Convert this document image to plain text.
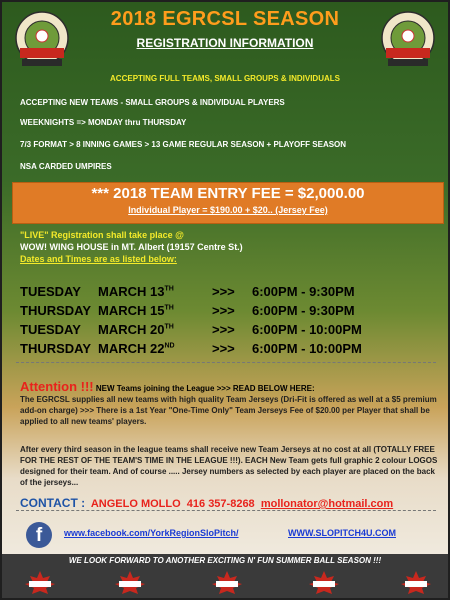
2018 EGRCSL SEASON
REGISTRATION INFORMATION
ACCEPTING FULL TEAMS, SMALL GROUPS & INDIVIDUALS
ACCEPTING NEW TEAMS - SMALL GROUPS & INDIVIDUAL PLAYERS
WEEKNIGHTS => MONDAY thru THURSDAY
7/3 FORMAT > 8 INNING GAMES > 13 GAME REGULAR SEASON + PLAYOFF SEASON
NSA CARDED UMPIRES
*** 2018 TEAM ENTRY FEE = $2,000.00
Individual Player = $190.00 + $20.. (Jersey Fee)
"LIVE" Registration shall take place @
WOW! WING HOUSE in MT. Albert (19157 Centre St.)
Dates and Times are as listed below:
TUESDAY MARCH 13TH	>>> 6:00PM - 9:30PM
THURSDAY MARCH 15TH	>>> 6:00PM - 9:30PM
TUESDAY MARCH 20TH	>>> 6:00PM - 10:00PM
THURSDAY MARCH 22ND	>>> 6:00PM - 10:00PM
Attention !!! NEW Teams joining the League >>> READ BELOW HERE:
The EGRCSL supplies all new teams with high quality Team Jerseys (Dri-Fit is offered as well at a $5 premium add-on charge) >>> There is a 1st Year "One-Time Only" Team Jerseys Fee of $20.00 per Player that shall be applied to all new teams' players.
After every third season in the league teams shall receive new Team Jerseys at no cost at all (TOTALLY FREE FOR THE REST OF THE TEAM'S TIME IN THE LEAGUE !!!). EACH New Team gets full graphic 2 colour LOGOS designed for their team. And of course ..... Jersey numbers as selected by each player are placed on the back of the jerseys...
CONTACT : ANGELO MOLLO 416 357-8268 mollonator@hotmail.com
f	www.facebook.com/YorkRegionSloPitch/	WWW.SLOPITCH4U.COM
WE LOOK FORWARD TO ANOTHER EXCITING N' FUN SUMMER BALL SEASON !!!
